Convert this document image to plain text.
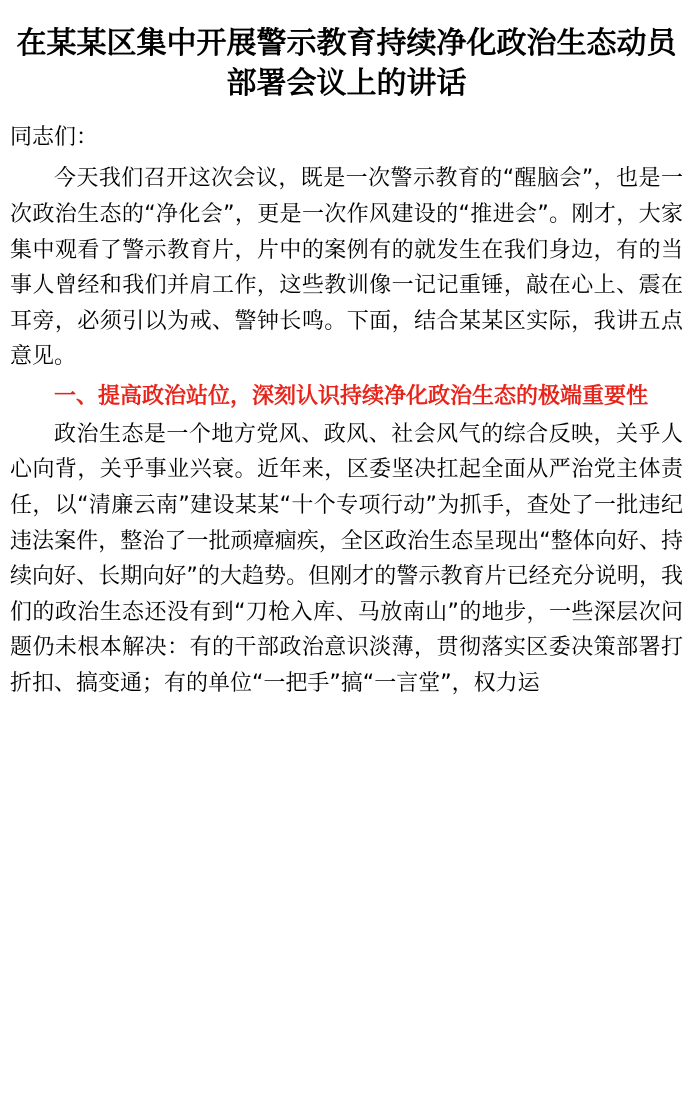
在某某区集中开展警示教育持续净化政治生态动员部署会议上的讲话

同志们：

今天我们召开这次会议，既是一次警示教育的“醒脑会”，也是一次政治生态的“净化会”，更是一次作风建设的“推进会”。刚才，大家集中观看了警示教育片，片中的案例有的就发生在我们身边，有的当事人曾经和我们并肩工作，这些教训像一记记重锤，敲在心上、震在耳旁，必须引以为戒、警钟长鸣。下面，结合某某区实际，我讲五点意见。

一、提高政治站位，深刻认识持续净化政治生态的极端重要性

政治生态是一个地方党风、政风、社会风气的综合反映，关乎人心向背，关乎事业兴衰。近年来，区委坚决扛起全面从严治党主体责任，以“清廉云南”建设某某“十个专项行动”为抓手，查处了一批违纪违法案件，整治了一批顽瘴痼疾，全区政治生态呈现出“整体向好、持续向好、长期向好”的大趋势。但刚才的警示教育片已经充分说明，我们的政治生态还没有到“刀枪入库、马放南山”的地步，一些深层次问题仍未根本解决：有的干部政治意识淡薄，贯彻落实区委决策部署打折扣、搞变通；有的单位“一把手”搞“一言堂”，权力运
